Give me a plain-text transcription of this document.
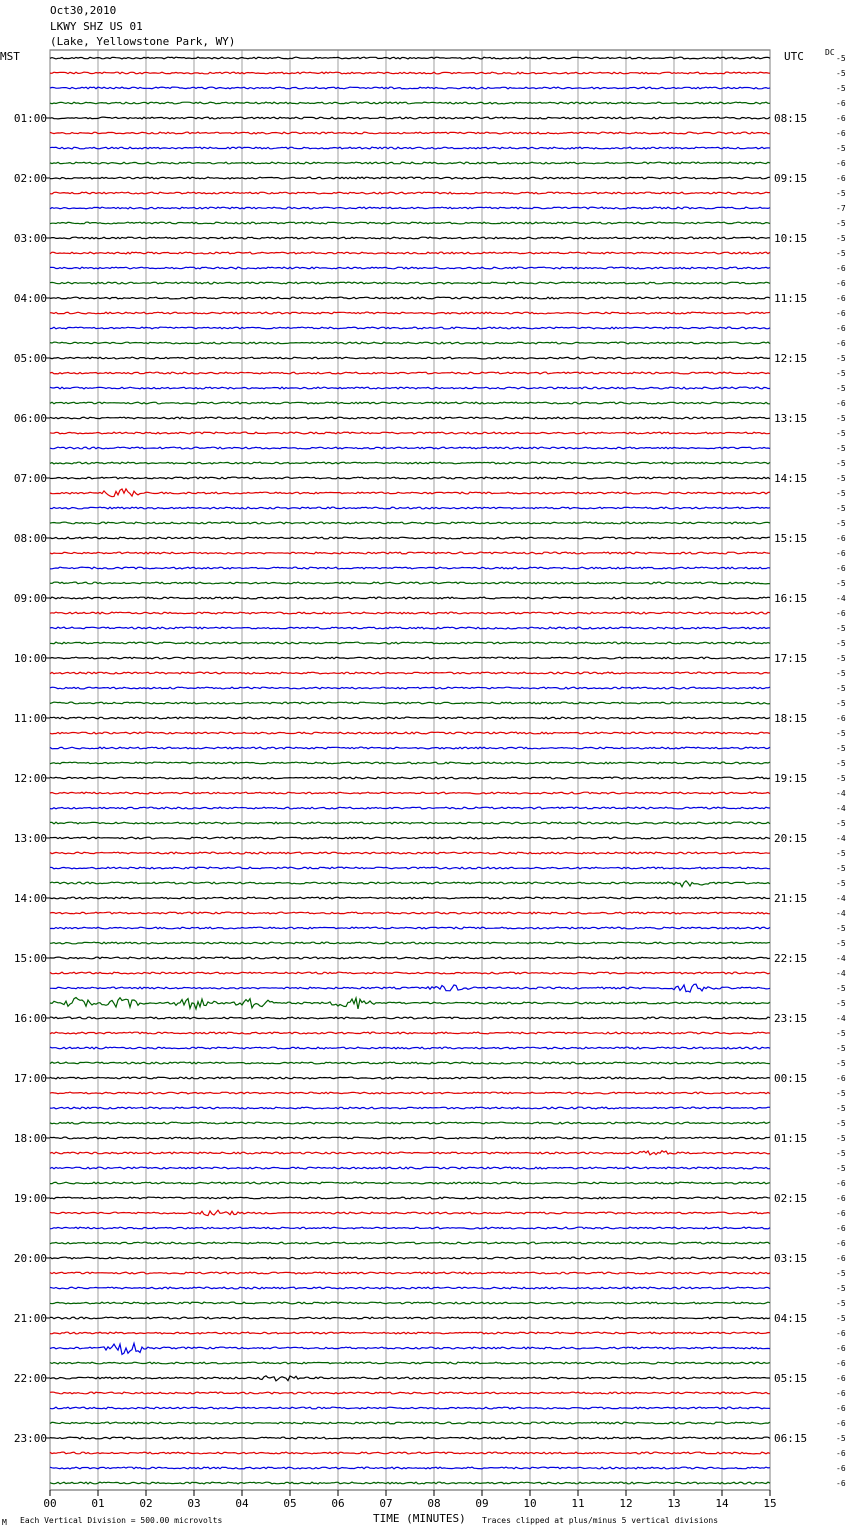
Oct30,2010
LKWY SHZ US 01
(Lake, Yellowstone Park, WY)
MST	UTC	DC
00	01	02	03	04	05	06	07	08	09	10	11	12	13	14	15
-5
-5
-5
-6
-6
01:00	08:15
-6
-5
-6
-6
02:00	09:15
-5
-7
-5
-5
03:00	10:15
-5
-6
-6
-6
04:00	11:15
-6
-6
-6
-5
05:00	12:15
-5
-5
-6
-5
06:00	13:15
-5
-5
-5
-5
07:00	14:15
-5
-5
-5
-6
08:00	15:15
-6
-6
-5
-4
09:00	16:15
-6
-5
-5
-5
10:00	17:15
-5
-5
-5
-6
11:00	18:15
-5
-5
-5
-5
12:00	19:15
-4
-4
-5
-4
13:00	20:15
-5
-5
-5
-4
14:00	21:15
-4
-5
-5
-4
15:00	22:15
-4
-5
-5
-4
16:00	23:15
-5
-5
-5
-6
17:00	00:15
-5
-5
-5
-5
18:00	01:15
-5
-5
-6
-6
19:00	02:15
-6
-6
-6
-6
20:00	03:15
-5
-5
-5
-5
21:00	04:15
-6
-6
-6
-6
22:00	05:15
-6
-6
-6
-5
23:00	06:15
-6
-6
-6
M Each Vertical Division = 500.00 microvolts	TIME (MINUTES) Traces clipped at plus/minus 5 vertical divisions
